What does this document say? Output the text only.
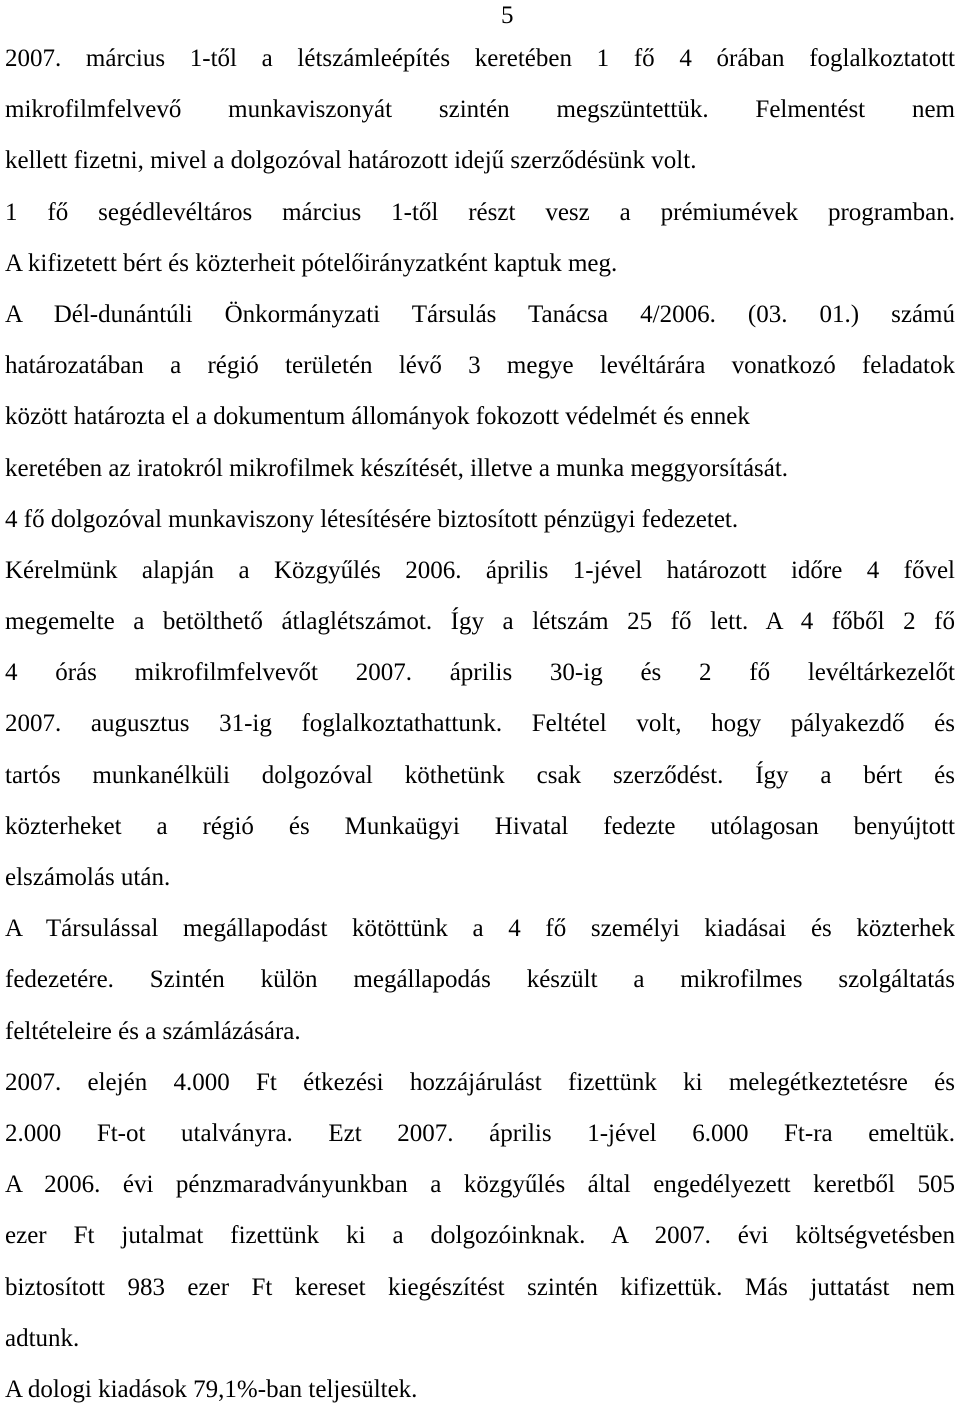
5
2007. március 1-től a létszámleépítés keretében 1 fő 4 órában foglalkoztatott
mikrofilmfelvevő munkaviszonyát szintén megszüntettük. Felmentést nem
kellett fizetni, mivel a dolgozóval határozott idejű szerződésünk volt.
1 fő segédlevéltáros március 1-től részt vesz a prémiumévek programban.
A kifizetett bért és közterheit pótelőirányzatként kaptuk meg.
A Dél-dunántúli Önkormányzati Társulás Tanácsa 4/2006. (03. 01.) számú
határozatában a régió területén lévő 3 megye levéltárára vonatkozó feladatok
között határozta el a dokumentum állományok fokozott védelmét és ennek
keretében az iratokról mikrofilmek készítését, illetve a munka meggyorsítását.
4 fő dolgozóval munkaviszony létesítésére biztosított pénzügyi fedezetet.
Kérelmünk alapján a Közgyűlés 2006. április 1-jével határozott időre 4 fővel
megemelte a betölthető átlaglétszámot. Így a létszám 25 fő lett. A 4 főből 2 fő
4 órás mikrofilmfelvevőt 2007. április 30-ig és 2 fő levéltárkezelőt
2007. augusztus 31-ig foglalkoztathattunk. Feltétel volt, hogy pályakezdő és
tartós munkanélküli dolgozóval köthetünk csak szerződést. Így a bért és
közterheket a régió és Munkaügyi Hivatal fedezte utólagosan benyújtott
elszámolás után.
A Társulással megállapodást kötöttünk a 4 fő személyi kiadásai és közterhek
fedezetére. Szintén külön megállapodás készült a mikrofilmes szolgáltatás
feltételeire és a számlázására.
2007. elején 4.000 Ft étkezési hozzájárulást fizettünk ki melegétkeztetésre és
2.000 Ft-ot utalványra. Ezt 2007. április 1-jével 6.000 Ft-ra emeltük.
A 2006. évi pénzmaradványunkban a közgyűlés által engedélyezett keretből 505
ezer Ft jutalmat fizettünk ki a dolgozóinknak. A 2007. évi költségvetésben
biztosított 983 ezer Ft kereset kiegészítést szintén kifizettük. Más juttatást nem
adtunk.
A dologi kiadások 79,1%-ban teljesültek.
